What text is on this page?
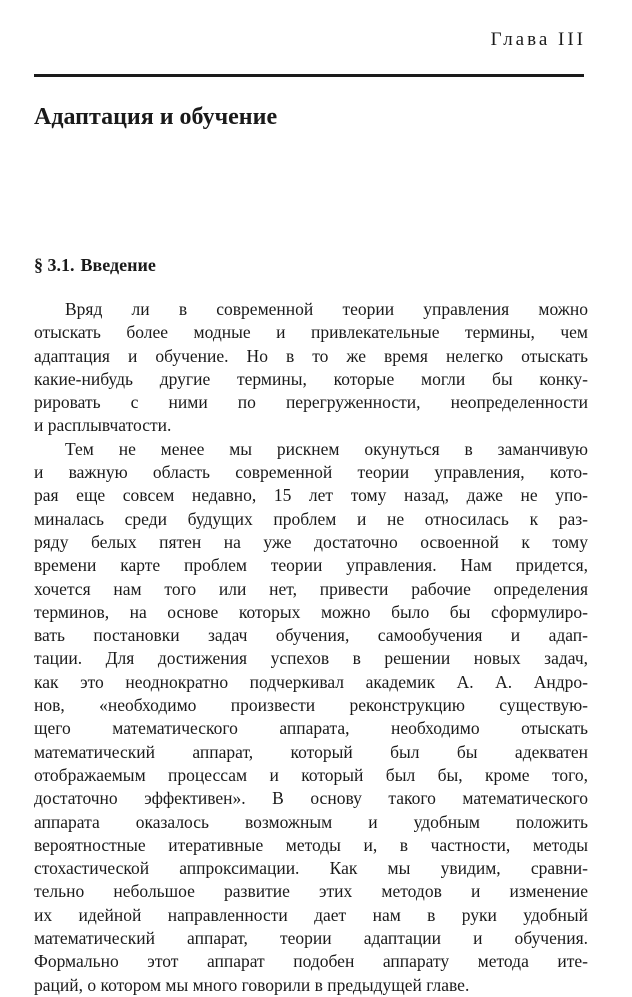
Глава III
Адаптация и обучение
§ 3.1. Введение
Вряд ли в современной теории управления можно
отыскать более модные и привлекательные термины, чем
адаптация и обучение. Но в то же время нелегко отыскать
какие-нибудь другие термины, которые могли бы конку-
рировать с ними по перегруженности, неопределенности
и расплывчатости.
Тем не менее мы рискнем окунуться в заманчивую
и важную область современной теории управления, кото-
рая еще совсем недавно, 15 лет тому назад, даже не упо-
миналась среди будущих проблем и не относилась к раз-
ряду белых пятен на уже достаточно освоенной к тому
времени карте проблем теории управления. Нам придется,
хочется нам того или нет, привести рабочие определения
терминов, на основе которых можно было бы сформулиро-
вать постановки задач обучения, самообучения и адап-
тации. Для достижения успехов в решении новых задач,
как это неоднократно подчеркивал академик А. А. Андро-
нов, «необходимо произвести реконструкцию существую-
щего математического аппарата, необходимо отыскать
математический аппарат, который был бы адекватен
отображаемым процессам и который был бы, кроме того,
достаточно эффективен». В основу такого математического
аппарата оказалось возможным и удобным положить
вероятностные итеративные методы и, в частности, методы
стохастической аппроксимации. Как мы увидим, сравни-
тельно небольшое развитие этих методов и изменение
их идейной направленности дает нам в руки удобный
математический аппарат, теории адаптации и обучения.
Формально этот аппарат подобен аппарату метода ите-
раций, о котором мы много говорили в предыдущей главе.
